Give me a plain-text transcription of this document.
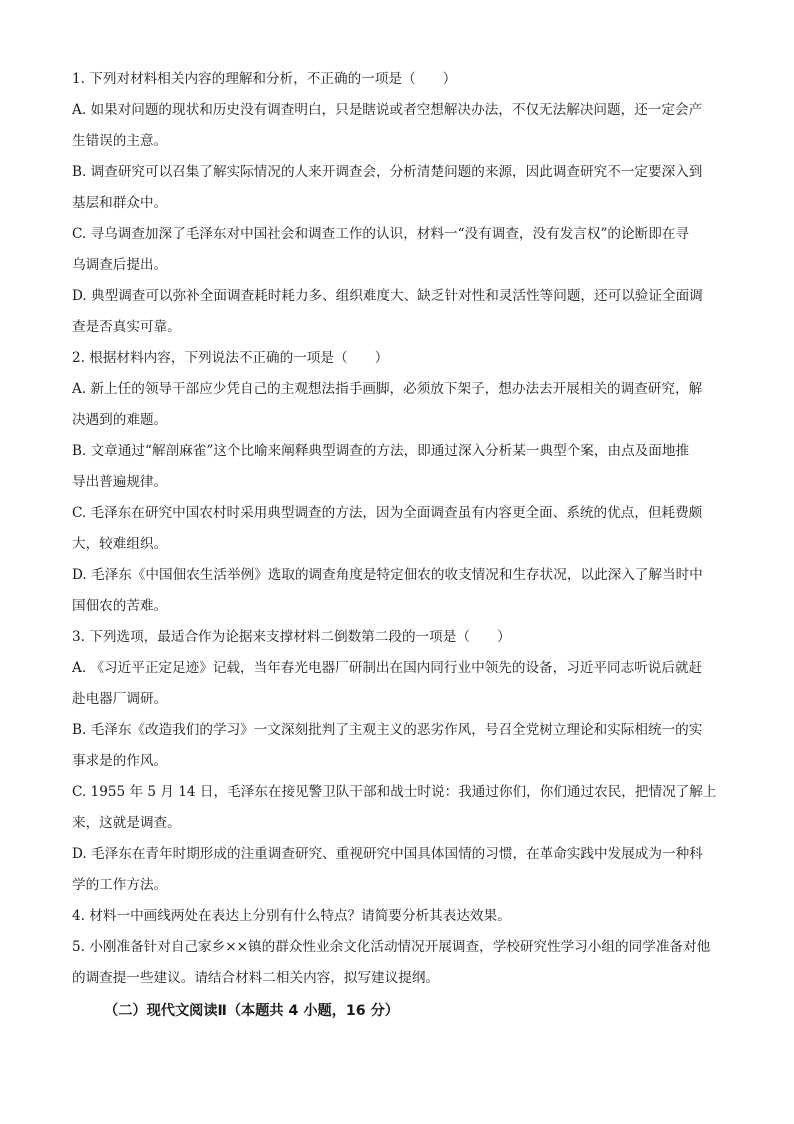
1. 下列对材料相关内容的理解和分析，不正确的一项是（　　）
A. 如果对问题的现状和历史没有调查明白，只是瞎说或者空想解决办法，不仅无法解决问题，还一定会产
生错误的主意。
B. 调查研究可以召集了解实际情况的人来开调查会，分析清楚问题的来源，因此调查研究不一定要深入到
基层和群众中。
C. 寻乌调查加深了毛泽东对中国社会和调查工作的认识，材料一“没有调查，没有发言权”的论断即在寻
乌调查后提出。
D. 典型调查可以弥补全面调查耗时耗力多、组织难度大、缺乏针对性和灵活性等问题，还可以验证全面调
查是否真实可靠。
2. 根据材料内容，下列说法不正确的一项是（　　）
A. 新上任的领导干部应少凭自己的主观想法指手画脚，必须放下架子，想办法去开展相关的调查研究，解
决遇到的难题。
B. 文章通过“解剖麻雀”这个比喻来阐释典型调查的方法，即通过深入分析某一典型个案，由点及面地推
导出普遍规律。
C. 毛泽东在研究中国农村时采用典型调查的方法，因为全面调查虽有内容更全面、系统的优点，但耗费颇
大，较难组织。
D. 毛泽东《中国佃农生活举例》选取的调查角度是特定佃农的收支情况和生存状况，以此深入了解当时中
国佃农的苦难。
3. 下列选项，最适合作为论据来支撑材料二倒数第二段的一项是（　　）
A. 《习近平正定足迹》记载，当年春光电器厂研制出在国内同行业中领先的设备，习近平同志听说后就赶
赴电器厂调研。
B. 毛泽东《改造我们的学习》一文深刻批判了主观主义的恶劣作风，号召全党树立理论和实际相统一的实
事求是的作风。
C. 1955 年 5 月 14 日，毛泽东在接见警卫队干部和战士时说：我通过你们，你们通过农民，把情况了解上
来，这就是调查。
D. 毛泽东在青年时期形成的注重调查研究、重视研究中国具体国情的习惯，在革命实践中发展成为一种科
学的工作方法。
4. 材料一中画线两处在表达上分别有什么特点？请简要分析其表达效果。
5. 小刚准备针对自己家乡××镇的群众性业余文化活动情况开展调查，学校研究性学习小组的同学准备对他
的调查提一些建议。请结合材料二相关内容，拟写建议提纲。
（二）现代文阅读Ⅱ（本题共 4 小题，16 分）
